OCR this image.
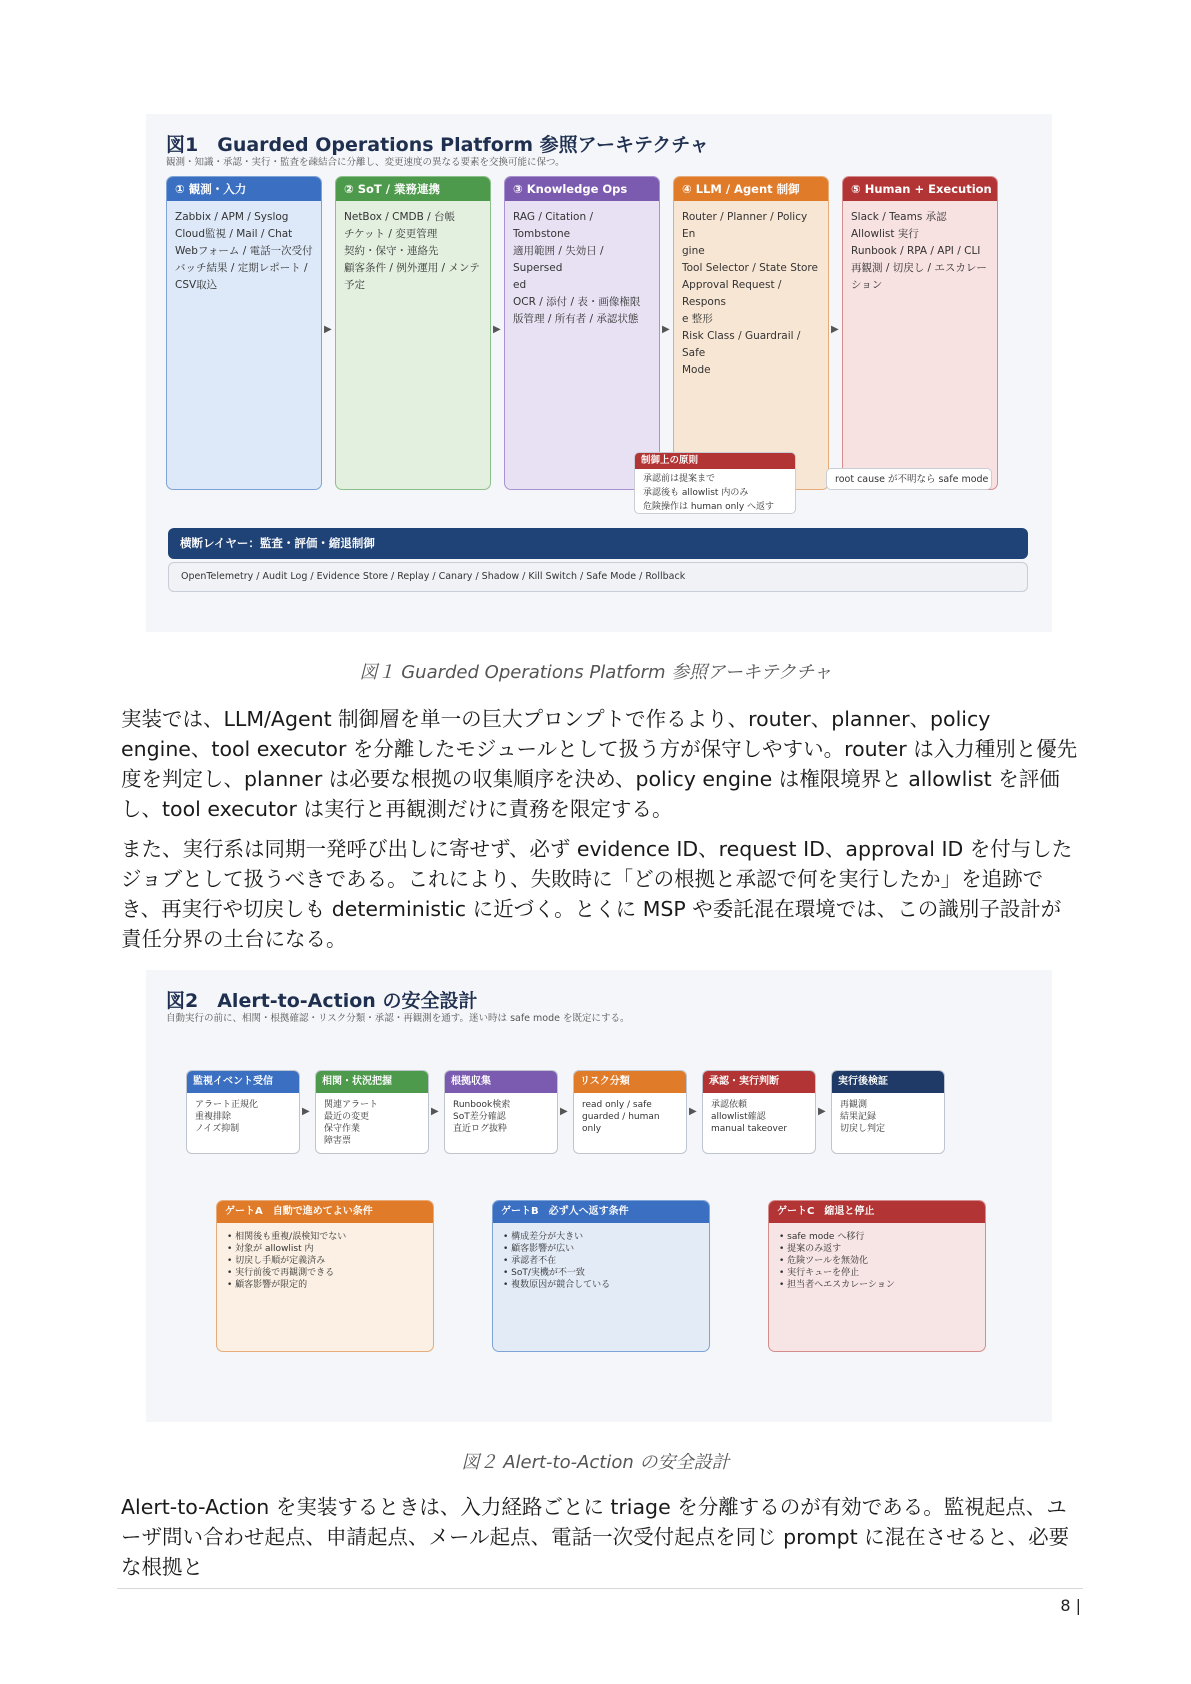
図1　Guarded Operations Platform 参照アーキテクチャ
観測・知識・承認・実行・監査を疎結合に分離し、変更速度の異なる要素を交換可能に保つ。
① 観測・入力
Zabbix / APM / Syslog
Cloud監視 / Mail / Chat
Webフォーム / 電話一次受付
バッチ結果 / 定期レポート /
CSV取込
▶
② SoT / 業務連携
NetBox / CMDB / 台帳
チケット / 変更管理
契約・保守・連絡先
顧客条件 / 例外運用 / メンテ
予定
▶
③ Knowledge Ops
RAG / Citation / Tombstone
適用範囲 / 失効日 / Supersed
ed
OCR / 添付 / 表・画像権限
版管理 / 所有者 / 承認状態
▶
④ LLM / Agent 制御
Router / Planner / Policy En
gine
Tool Selector / State Store
Approval Request / Respons
e 整形
Risk Class / Guardrail / Safe
Mode
▶
⑤ Human + Execution
Slack / Teams 承認
Allowlist 実行
Runbook / RPA / API / CLI
再観測 / 切戻し / エスカレー
ション
制御上の原則
承認前は提案まで
承認後も allowlist 内のみ
危険操作は human only へ返す
root cause が不明なら safe mode
横断レイヤー：監査・評価・縮退制御
OpenTelemetry / Audit Log / Evidence Store / Replay / Canary / Shadow / Kill Switch / Safe Mode / Rollback
図１ Guarded Operations Platform 参照アーキテクチャ

実装では、LLM/Agent 制御層を単一の巨大プロンプトで作るより、router、planner、policy engine、tool executor を分離したモジュールとして扱う方が保守しやすい。router は入力種別と優先度を判定し、planner は必要な根拠の収集順序を決め、policy engine は権限境界と allowlist を評価し、tool executor は実行と再観測だけに責務を限定する。

また、実行系は同期一発呼び出しに寄せず、必ず evidence ID、request ID、approval ID を付与したジョブとして扱うべきである。これにより、失敗時に「どの根拠と承認で何を実行したか」を追跡でき、再実行や切戻しも deterministic に近づく。とくに MSP や委託混在環境では、この識別子設計が責任分界の土台になる。

図2　Alert-to-Action の安全設計
自動実行の前に、相関・根拠確認・リスク分類・承認・再観測を通す。迷い時は safe mode を既定にする。
監視イベント受信
アラート正規化
重複排除
ノイズ抑制
▶
相関・状況把握
関連アラート
最近の変更
保守作業
障害票
▶
根拠収集
Runbook検索
SoT差分確認
直近ログ抜粋
▶
リスク分類
read only / safe
guarded / human only
▶
承認・実行判断
承認依頼
allowlist確認
manual takeover
▶
実行後検証
再観測
結果記録
切戻し判定
ゲートA　自動で進めてよい条件
• 相関後も重複/誤検知でない
• 対象が allowlist 内
• 切戻し手順が定義済み
• 実行前後で再観測できる
• 顧客影響が限定的
ゲートB　必ず人へ返す条件
• 構成差分が大きい
• 顧客影響が広い
• 承認者不在
• SoT/実機が不一致
• 複数原因が競合している
ゲートC　縮退と停止
• safe mode へ移行
• 提案のみ返す
• 危険ツールを無効化
• 実行キューを停止
• 担当者へエスカレーション
図２ Alert-to-Action の安全設計

Alert-to-Action を実装するときは、入力経路ごとに triage を分離するのが有効である。監視起点、ユーザ問い合わせ起点、申請起点、メール起点、電話一次受付起点を同じ prompt に混在させると、必要な根拠と

8 |
